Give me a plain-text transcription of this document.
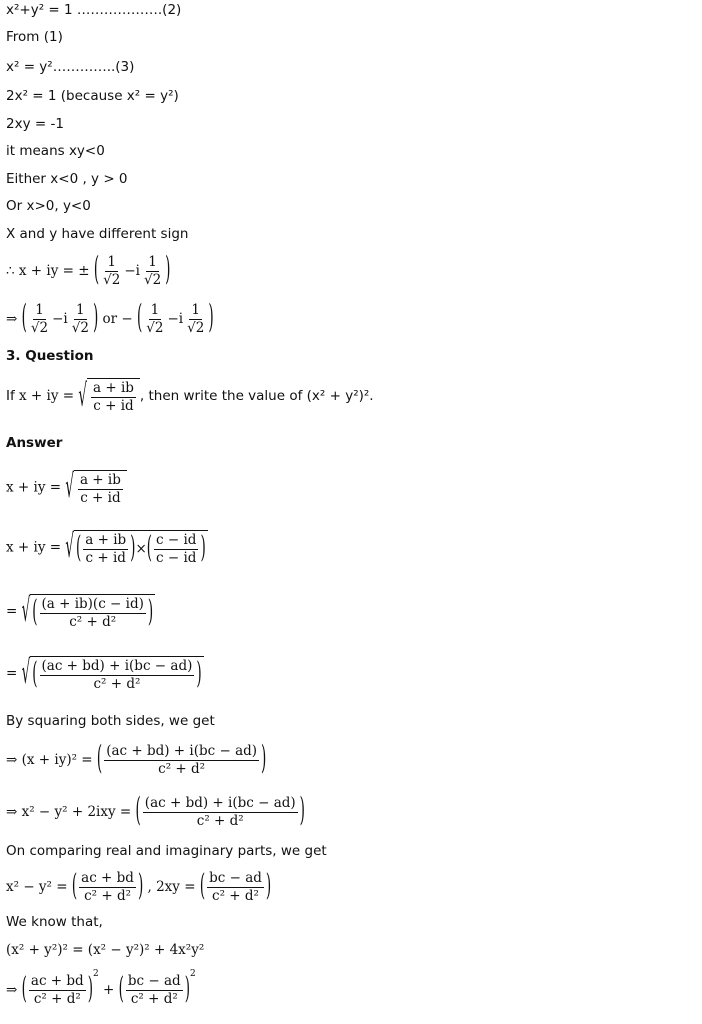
x²+y² = 1 ……………….(2)
From (1)
x² = y²…………..(3)
2x² = 1 (because x² = y²)
2xy = -1
it means xy<0
Either x<0 , y > 0
Or x>0, y<0
X and y have different sign
∴ x + iy = ± ( $\frac{1}{√2} -i \frac{1}{√2}$ )
⇒ ( $\frac{1}{√2} -i \frac{1}{√2}$ ) or − ( $\frac{1}{√2} -i \frac{1}{√2}$ )
3. Question
If x + iy = √ $\frac{a + ib}{c + id}$ , then write the value of (x² + y²)².
Answer
x + iy = √ $\frac{a + ib}{c + id}$
x + iy = √ ( $\frac{a + ib}{c + id}$ ) × ( $\frac{c - id}{c - id}$ )
= √ ( $\frac{(a + ib)(c - id)}{\text{c² + d²}}$ )
= √ ( $\frac{(ac + bd) + i(bc - ad)}{\text{c² + d²}}$ )
By squaring both sides, we get
⇒ (x + iy)² = ( $\frac{(ac + bd) + i(bc - ad)}{\text{c² + d²}}$ )
⇒ x² − y² + 2ixy = ( $\frac{(ac + bd) + i(bc - ad)}{\text{c² + d²}}$ )
On comparing real and imaginary parts, we get
x² − y² = ( $\frac{ac + bd}{\text{c² + d²}}$ ) , 2xy = ( $\frac{bc - ad}{\text{c² + d²}}$ )
We know that,
(x² + y²)² = (x² − y²)² + 4x²y²
⇒ ( $\frac{ac + bd}{\text{c² + d²}} )^2$ + ( $\frac{bc - ad}{\text{c² + d²}} )^2$
